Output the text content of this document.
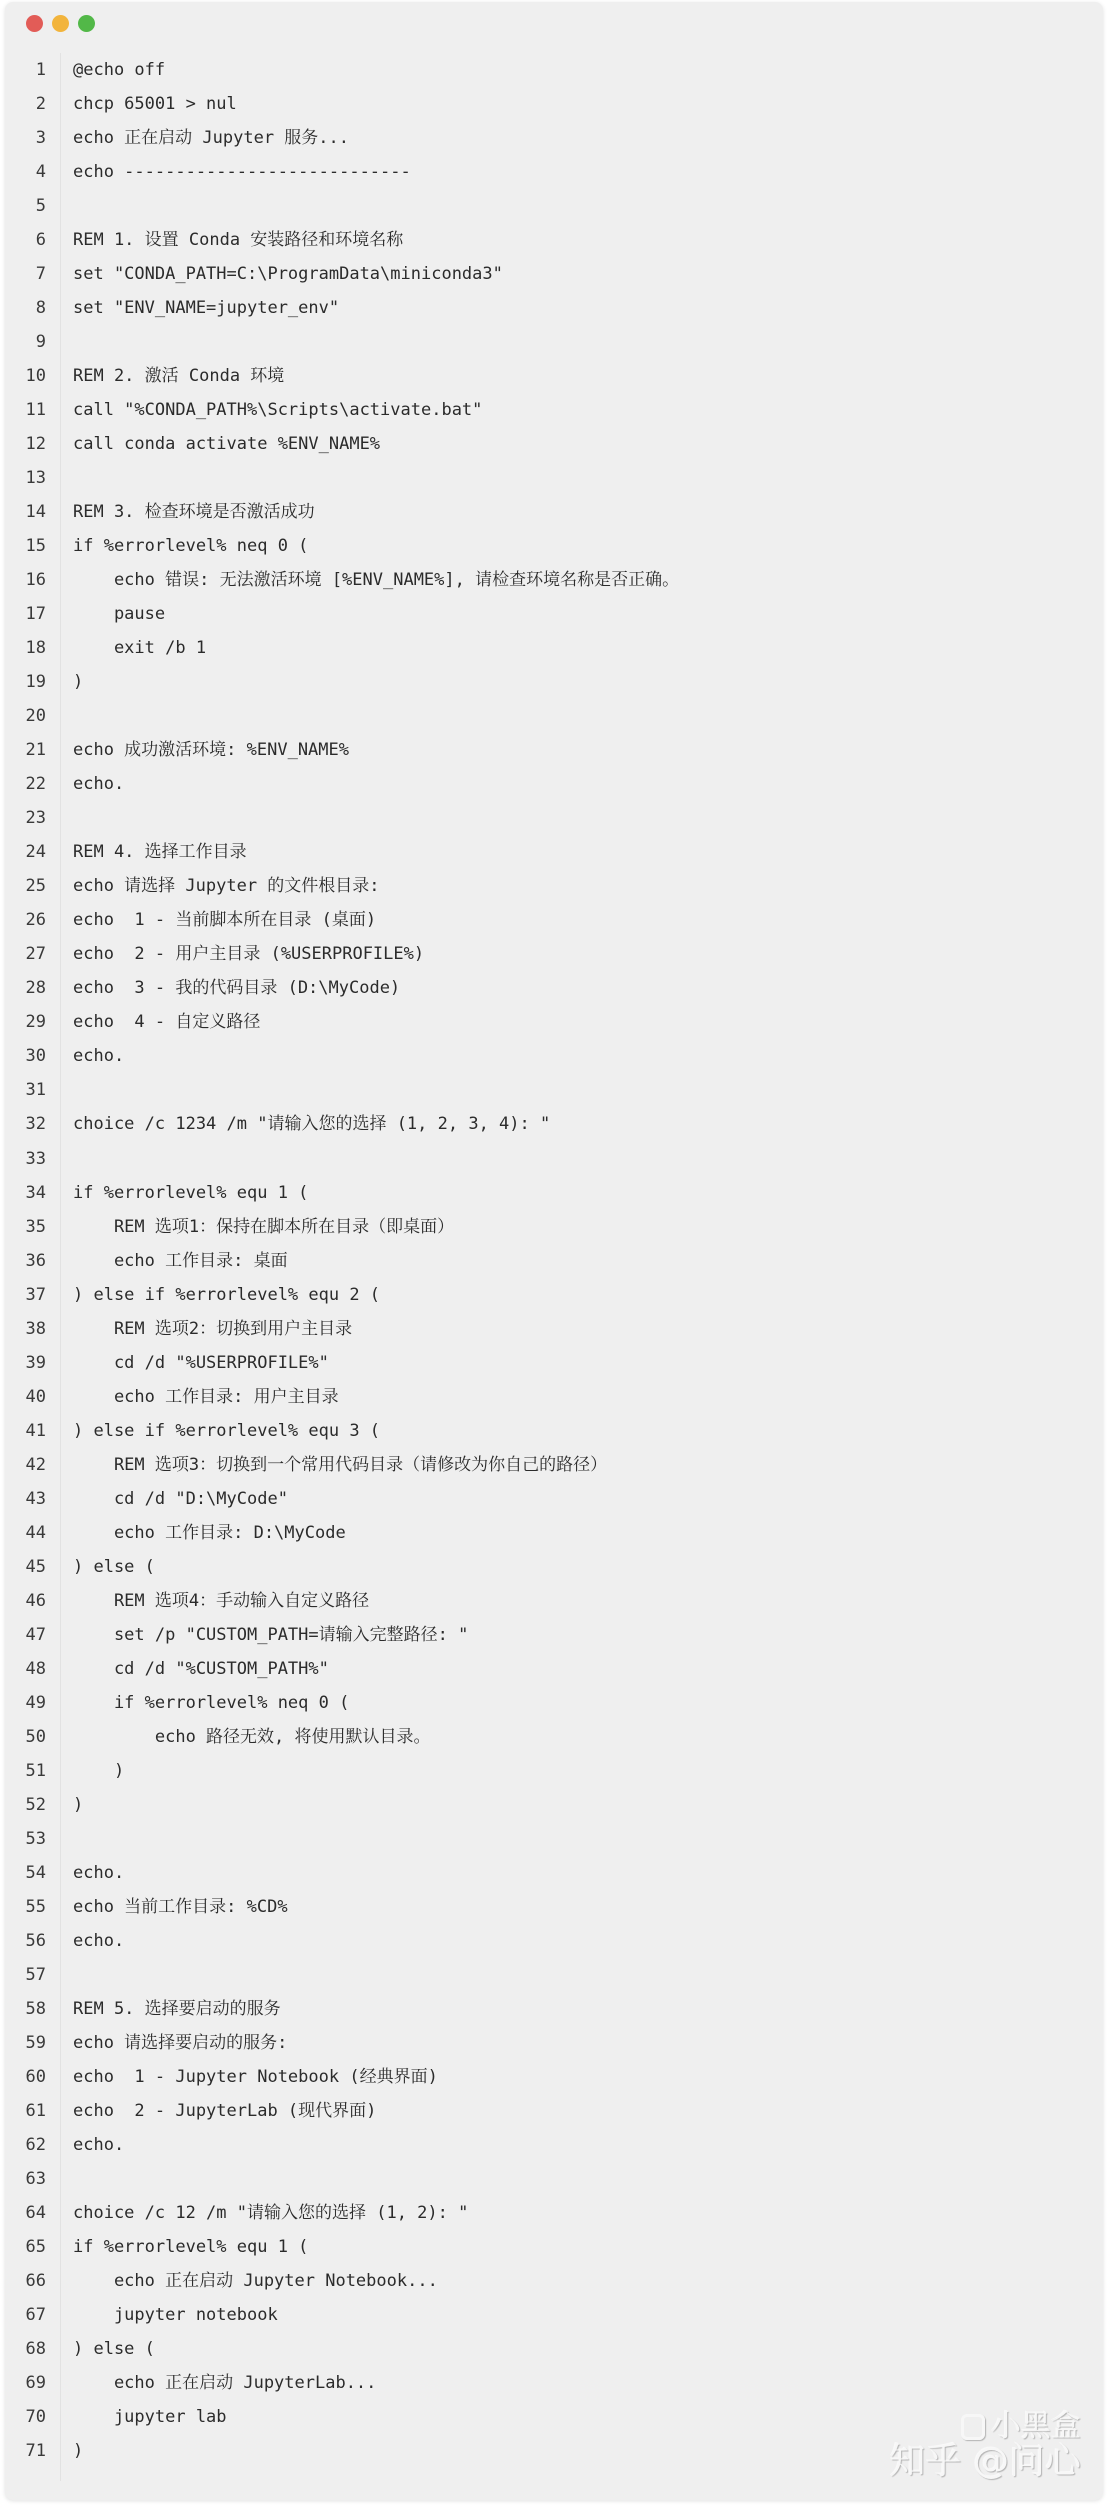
1 @echo off
2 chcp 65001 > nul
3 echo 正在启动 Jupyter 服务...
4 echo ----------------------------
5
6 REM 1. 设置 Conda 安装路径和环境名称
7 set "CONDA_PATH=C:\ProgramData\miniconda3"
8 set "ENV_NAME=jupyter_env"
9
10 REM 2. 激活 Conda 环境
11 call "%CONDA_PATH%\Scripts\activate.bat"
12 call conda activate %ENV_NAME%
13
14 REM 3. 检查环境是否激活成功
15 if %errorlevel% neq 0 (
16 echo 错误: 无法激活环境 [%ENV_NAME%], 请检查环境名称是否正确。
17 pause
18 exit /b 1
19 )
20
21 echo 成功激活环境: %ENV_NAME%
22 echo.
23
24 REM 4. 选择工作目录
25 echo 请选择 Jupyter 的文件根目录:
26 echo  1 - 当前脚本所在目录 (桌面)
27 echo  2 - 用户主目录 (%USERPROFILE%)
28 echo  3 - 我的代码目录 (D:\MyCode)
29 echo  4 - 自定义路径
30 echo.
31
32 choice /c 1234 /m "请输入您的选择 (1, 2, 3, 4): "
33
34 if %errorlevel% equ 1 (
35 REM 选项1：保持在脚本所在目录（即桌面）
36 echo 工作目录: 桌面
37 ) else if %errorlevel% equ 2 (
38 REM 选项2：切换到用户主目录
39 cd /d "%USERPROFILE%"
40 echo 工作目录: 用户主目录
41 ) else if %errorlevel% equ 3 (
42 REM 选项3：切换到一个常用代码目录（请修改为你自己的路径）
43 cd /d "D:\MyCode"
44 echo 工作目录: D:\MyCode
45 ) else (
46 REM 选项4：手动输入自定义路径
47 set /p "CUSTOM_PATH=请输入完整路径: "
48 cd /d "%CUSTOM_PATH%"
49 if %errorlevel% neq 0 (
50 echo 路径无效, 将使用默认目录。
51 )
52 )
53
54 echo.
55 echo 当前工作目录: %CD%
56 echo.
57
58 REM 5. 选择要启动的服务
59 echo 请选择要启动的服务:
60 echo  1 - Jupyter Notebook (经典界面)
61 echo  2 - JupyterLab (现代界面)
62 echo.
63
64 choice /c 12 /m "请输入您的选择 (1, 2): "
65 if %errorlevel% equ 1 (
66 echo 正在启动 Jupyter Notebook...
67 jupyter notebook
68 ) else (
69 echo 正在启动 JupyterLab...
70 jupyter lab
71 )
小黑盒
知乎 @问心
